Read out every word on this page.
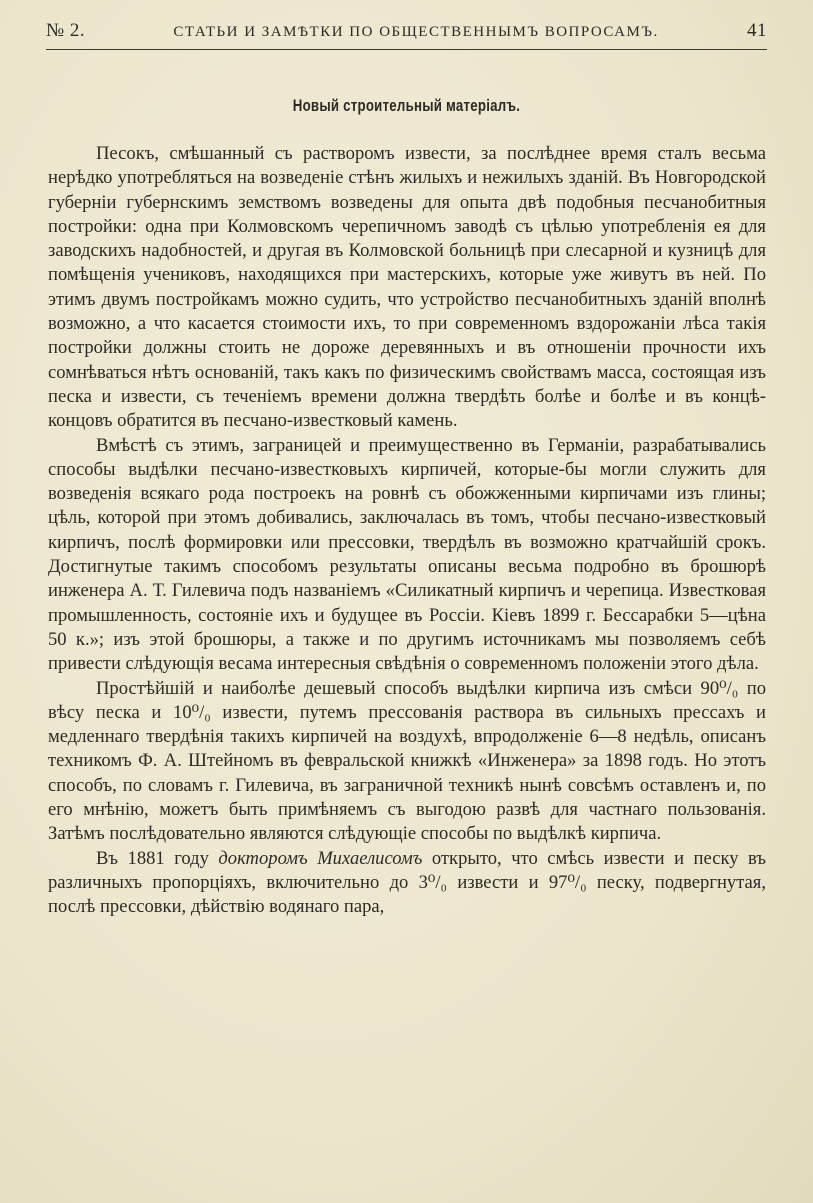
№ 2.	СТАТЬИ И ЗАМѢТКИ ПО ОБЩЕСТВЕННЫМЪ ВОПРОСАМЪ.	41
Новый строительный матеріалъ.

Песокъ, смѣшанный съ растворомъ извести, за послѣднее время сталъ весьма нерѣдко употребляться на возведеніе стѣнъ жилыхъ и нежилыхъ зданій. Въ Новгородской губерніи губернскимъ земствомъ возведены для опыта двѣ подобныя песчанобитныя постройки: одна при Колмовскомъ черепичномъ заводѣ съ цѣлью употребленія ея для заводскихъ надобностей, и другая въ Колмовской больницѣ при слесарной и кузницѣ для помѣщенія учениковъ, находящихся при мастерскихъ, которые уже живутъ въ ней. По этимъ двумъ постройкамъ можно судить, что устройство песчанобитныхъ зданій вполнѣ возможно, а что касается стоимости ихъ, то при современномъ вздорожаніи лѣса такія постройки должны стоить не дороже деревянныхъ и въ отношеніи прочности ихъ сомнѣваться нѣтъ основаній, такъ какъ по физическимъ свойствамъ масса, состоящая изъ песка и извести, съ теченіемъ времени должна твердѣть болѣе и болѣе и въ концѣ-концовъ обратится въ песчано-известковый камень.

Вмѣстѣ съ этимъ, заграницей и преимущественно въ Германіи, разрабатывались способы выдѣлки песчано-известковыхъ кирпичей, которые-бы могли служить для возведенія всякаго рода построекъ на ровнѣ съ обожженными кирпичами изъ глины; цѣль, которой при этомъ добивались, заключалась въ томъ, чтобы песчано-известковый кирпичъ, послѣ формировки или прессовки, твердѣлъ въ возможно кратчайшій срокъ. Достигнутые такимъ способомъ результаты описаны весьма подробно въ брошюрѣ инженера А. Т. Гилевича подъ названіемъ «Силикатный кирпичъ и черепица. Известковая промышленность, состояніе ихъ и будущее въ Россіи. Кіевъ 1899 г. Бессарабки 5—цѣна 50 к.»; изъ этой брошюры, а также и по другимъ источникамъ мы позволяемъ себѣ привести слѣдующія весама интересныя свѣдѣнія о современномъ положеніи этого дѣла.

Простѣйшій и наиболѣе дешевый способъ выдѣлки кирпича изъ смѣси 90⁰/₀ по вѣсу песка и 10⁰/₀ извести, путемъ прессованія раствора въ сильныхъ прессахъ и медленнаго твердѣнія такихъ кирпичей на воздухѣ, впродолженіе 6—8 недѣль, описанъ техникомъ Ф. А. Штейномъ въ февральской книжкѣ «Инженера» за 1898 годъ. Но этотъ способъ, по словамъ г. Гилевича, въ заграничной техникѣ нынѣ совсѣмъ оставленъ и, по его мнѣнію, можетъ быть примѣняемъ съ выгодою развѣ для частнаго пользованія. Затѣмъ послѣдовательно являются слѣдующіе способы по выдѣлкѣ кирпича.

Въ 1881 году докторомъ Михаелисомъ открыто, что смѣсь извести и песку въ различныхъ пропорціяхъ, включительно до 3⁰/₀ извести и 97⁰/₀ песку, подвергнутая, послѣ прессовки, дѣйствію водянаго пара,
